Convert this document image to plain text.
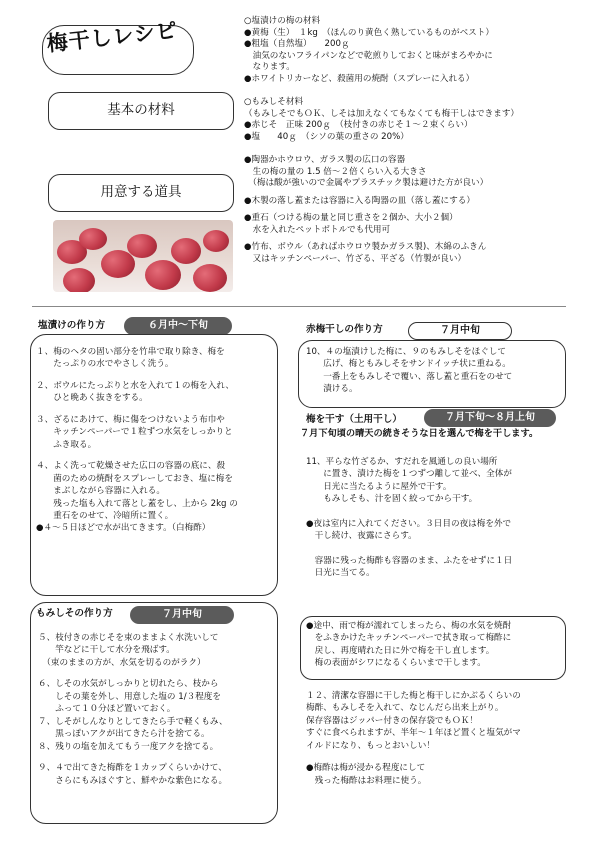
梅干しレシピ
基本の材料
用意する道具

○塩漬けの梅の材料

●黄梅（生）　１kg　（ほんのり黄色く熟しているものがベスト）

●粗塩（自然塩）　　200ｇ

　油気のないフライパンなどで乾煎りしておくと味がまろやかに

　なります。

●ホワイトリカーなど、殺菌用の焼酎（スプレーに入れる）

○もみしそ材料

（もみしそでもＯＫ、しそは加えなくてもなくても梅干しはできます）

●赤じそ　正味 200ｇ　（枝付きの赤じそ１～２束くらい）

●塩　　40ｇ　（シソの葉の重さの 20%）

●陶器かホウロウ、ガラス製の広口の容器

　生の梅の量の 1.5 倍～２倍くらい入る大きさ

　（梅は酸が強いので金属やプラスチック製は避けた方が良い）

●木製の落し蓋または容器に入る陶器の皿（落し蓋にする）

●重石（つける梅の量と同じ重さを２個か、大小２個）

　水を入れたペットボトルでも代用可

●竹布、ボウル（あればホウロウ製かガラス製)、木綿のふきん

　又はキッチンペーパー、竹ざる、平ざる（竹製が良い）

塩漬けの作り方	６月中～下旬

１、梅のヘタの固い部分を竹串で取り除き、梅を

　　たっぷりの水でやさしく洗う。

２、ボウルにたっぷりと水を入れて１の梅を入れ、

　　ひと晩あく抜きをする。

３、ざるにあけて、梅に傷をつけないよう布巾や

　　キッチンペーパーで１粒ずつ水気をしっかりと

　　ふき取る。

４、よく洗って乾燥させた広口の容器の底に、殺

　　菌のための焼酎をスプレーしておき、塩に梅を

　　まぶしながら容器に入れる。

　　残った塩も入れて落とし蓋をし、上から 2kg の

　　重石をのせて、冷暗所に置く。

●４～５日ほどで水が出てきます。（白梅酢）

もみしその作り方	７月中旬

５、枝付きの赤じそを束のままよく水洗いして

　　竿などに干して水分を飛ばす。

　（束のままの方が、水気を切るのがラク）

６、しその水気がしっかりと切れたら、枝から

　　しその葉を外し、用意した塩の 1/３程度を

　　ふって１０分ほど置いておく。

７、しそがしんなりとしてきたら手で軽くもみ、

　　黒っぽいアクが出てきたら汁を捨てる。

８、残りの塩を加えてもう一度アクを捨てる。

９、４で出てきた梅酢を１カップくらいかけて、

　　さらにもみほぐすと、鮮やかな紫色になる。

赤梅干しの作り方	７月中旬

10、４の塩漬けした梅に、９のもみしそをほぐして

　　広げ、梅ともみしそをサンドイッチ状に重ねる。

　　一番上をもみしそで覆い、落し蓋と重石をのせて

　　漬ける。

梅を干す（土用干し）	７月下旬～８月上旬
７月下旬頃の晴天の続きそうな日を選んで梅を干します。

11、平らな竹ざるか、すだれを風通しの良い場所

　　に置き、漬けた梅を１つずつ離して並べ、全体が

　　日光に当たるように屋外で干す。

　　もみしそも、汁を固く絞ってから干す。

●夜は室内に入れてください。３日目の夜は梅を外で

　干し続け、夜露にさらす。

　容器に残った梅酢も容器のまま、ふたをせずに１日

　日光に当てる。

●途中、雨で梅が濡れてしまったら、梅の水気を焼酎

　をふきかけたキッチンペーパーで拭き取って梅酢に

　戻し、再度晴れた日に外で梅を干し直します。

　梅の表面がシワになるくらいまで干します。

１２、清潔な容器に干した梅と梅干しにかぶるくらいの

梅酢、もみしそを入れて、なじんだら出来上がり。

保存容器はジッパー付きの保存袋でもＯＫ！

すぐに食べられますが、半年～１年ほど置くと塩気がマ

イルドになり、もっとおいしい！

●梅酢は梅が浸かる程度にして

　残った梅酢はお料理に使う。
